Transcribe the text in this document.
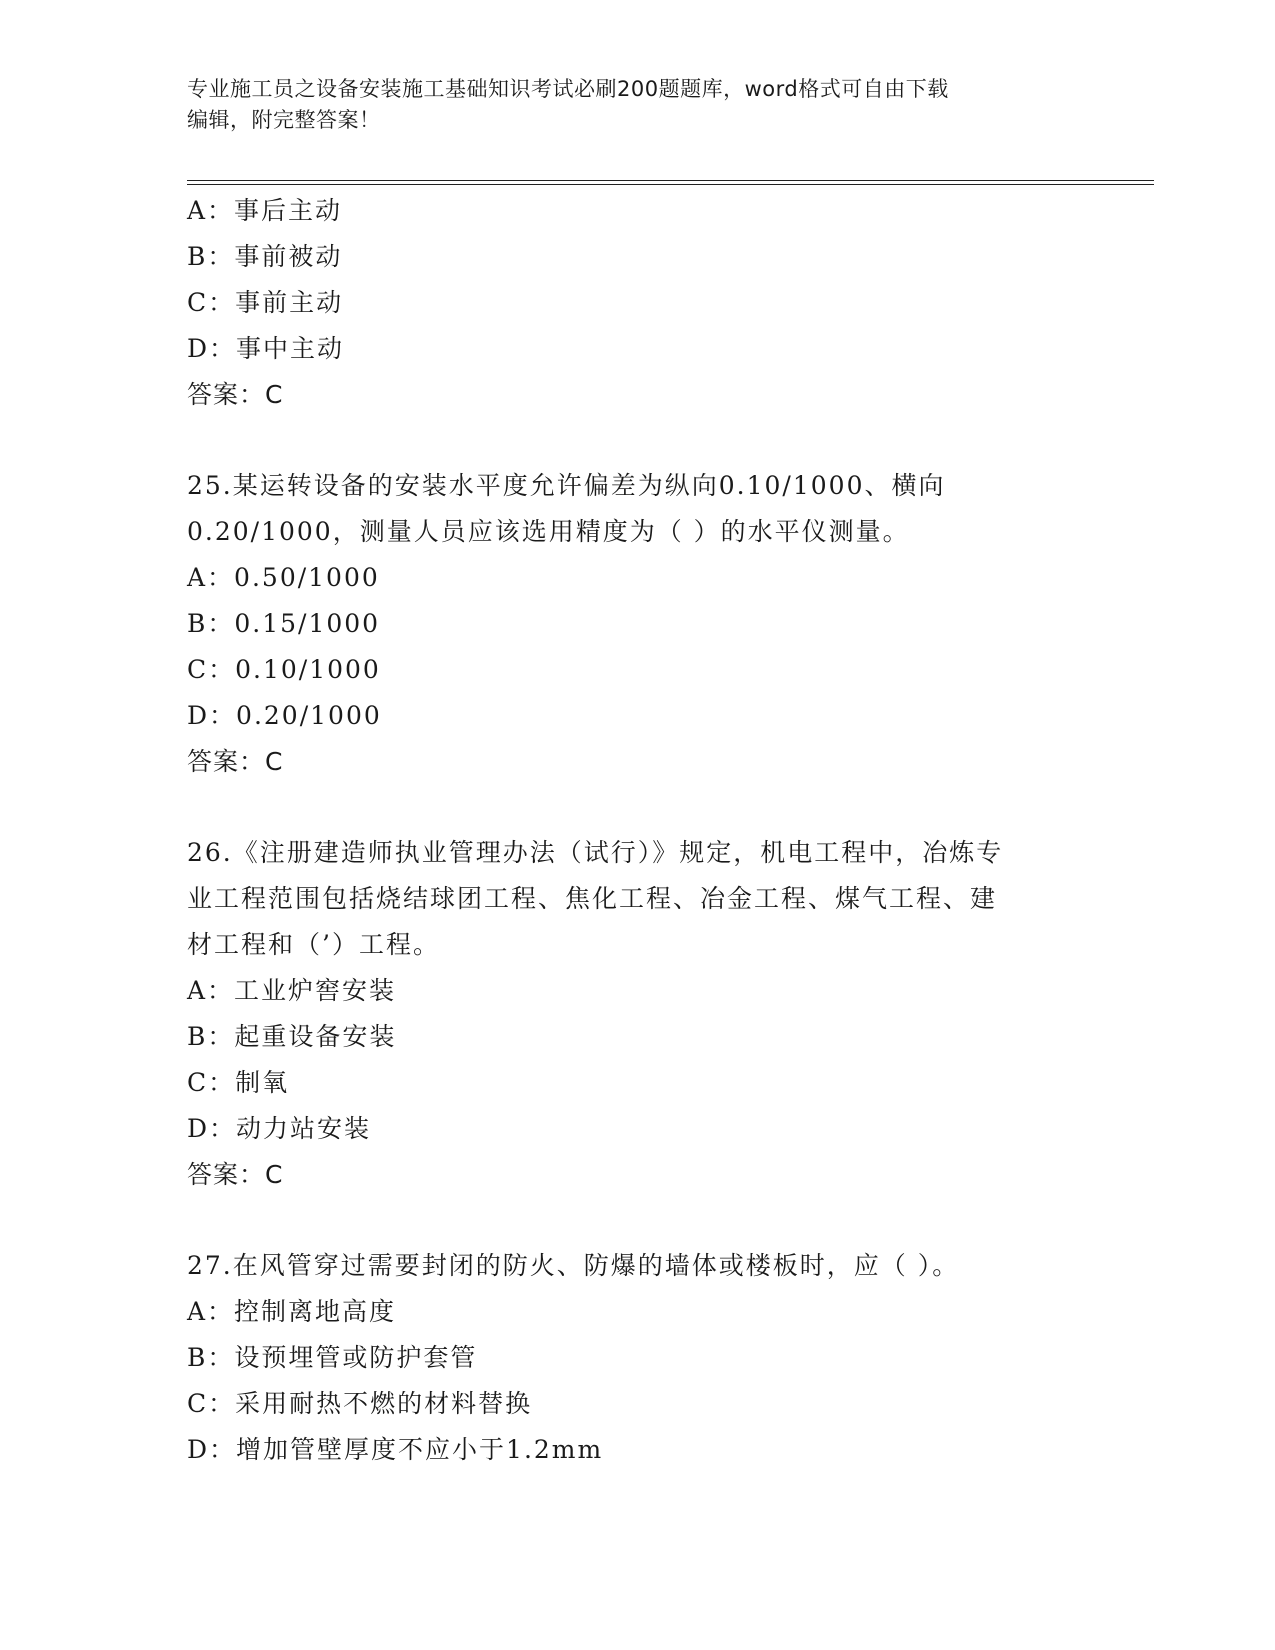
专业施工员之设备安装施工基础知识考试必刷200题题库，word格式可自由下载
编辑，附完整答案！
A：事后主动
B：事前被动
C：事前主动
D：事中主动
答案：C
25.某运转设备的安装水平度允许偏差为纵向0.10/1000、横向
0.20/1000，测量人员应该选用精度为（ ）的水平仪测量。
A：0.50/1000
B：0.15/1000
C：0.10/1000
D：0.20/1000
答案：C
26.《注册建造师执业管理办法（试行）》规定，机电工程中，冶炼专
业工程范围包括烧结球团工程、焦化工程、冶金工程、煤气工程、建
材工程和（’）工程。
A：工业炉窖安装
B：起重设备安装
C：制氧
D：动力站安装
答案：C
27.在风管穿过需要封闭的防火、防爆的墙体或楼板时，应（ ）。
A：控制离地高度
B：设预埋管或防护套管
C：采用耐热不燃的材料替换
D：增加管壁厚度不应小于1.2mm
